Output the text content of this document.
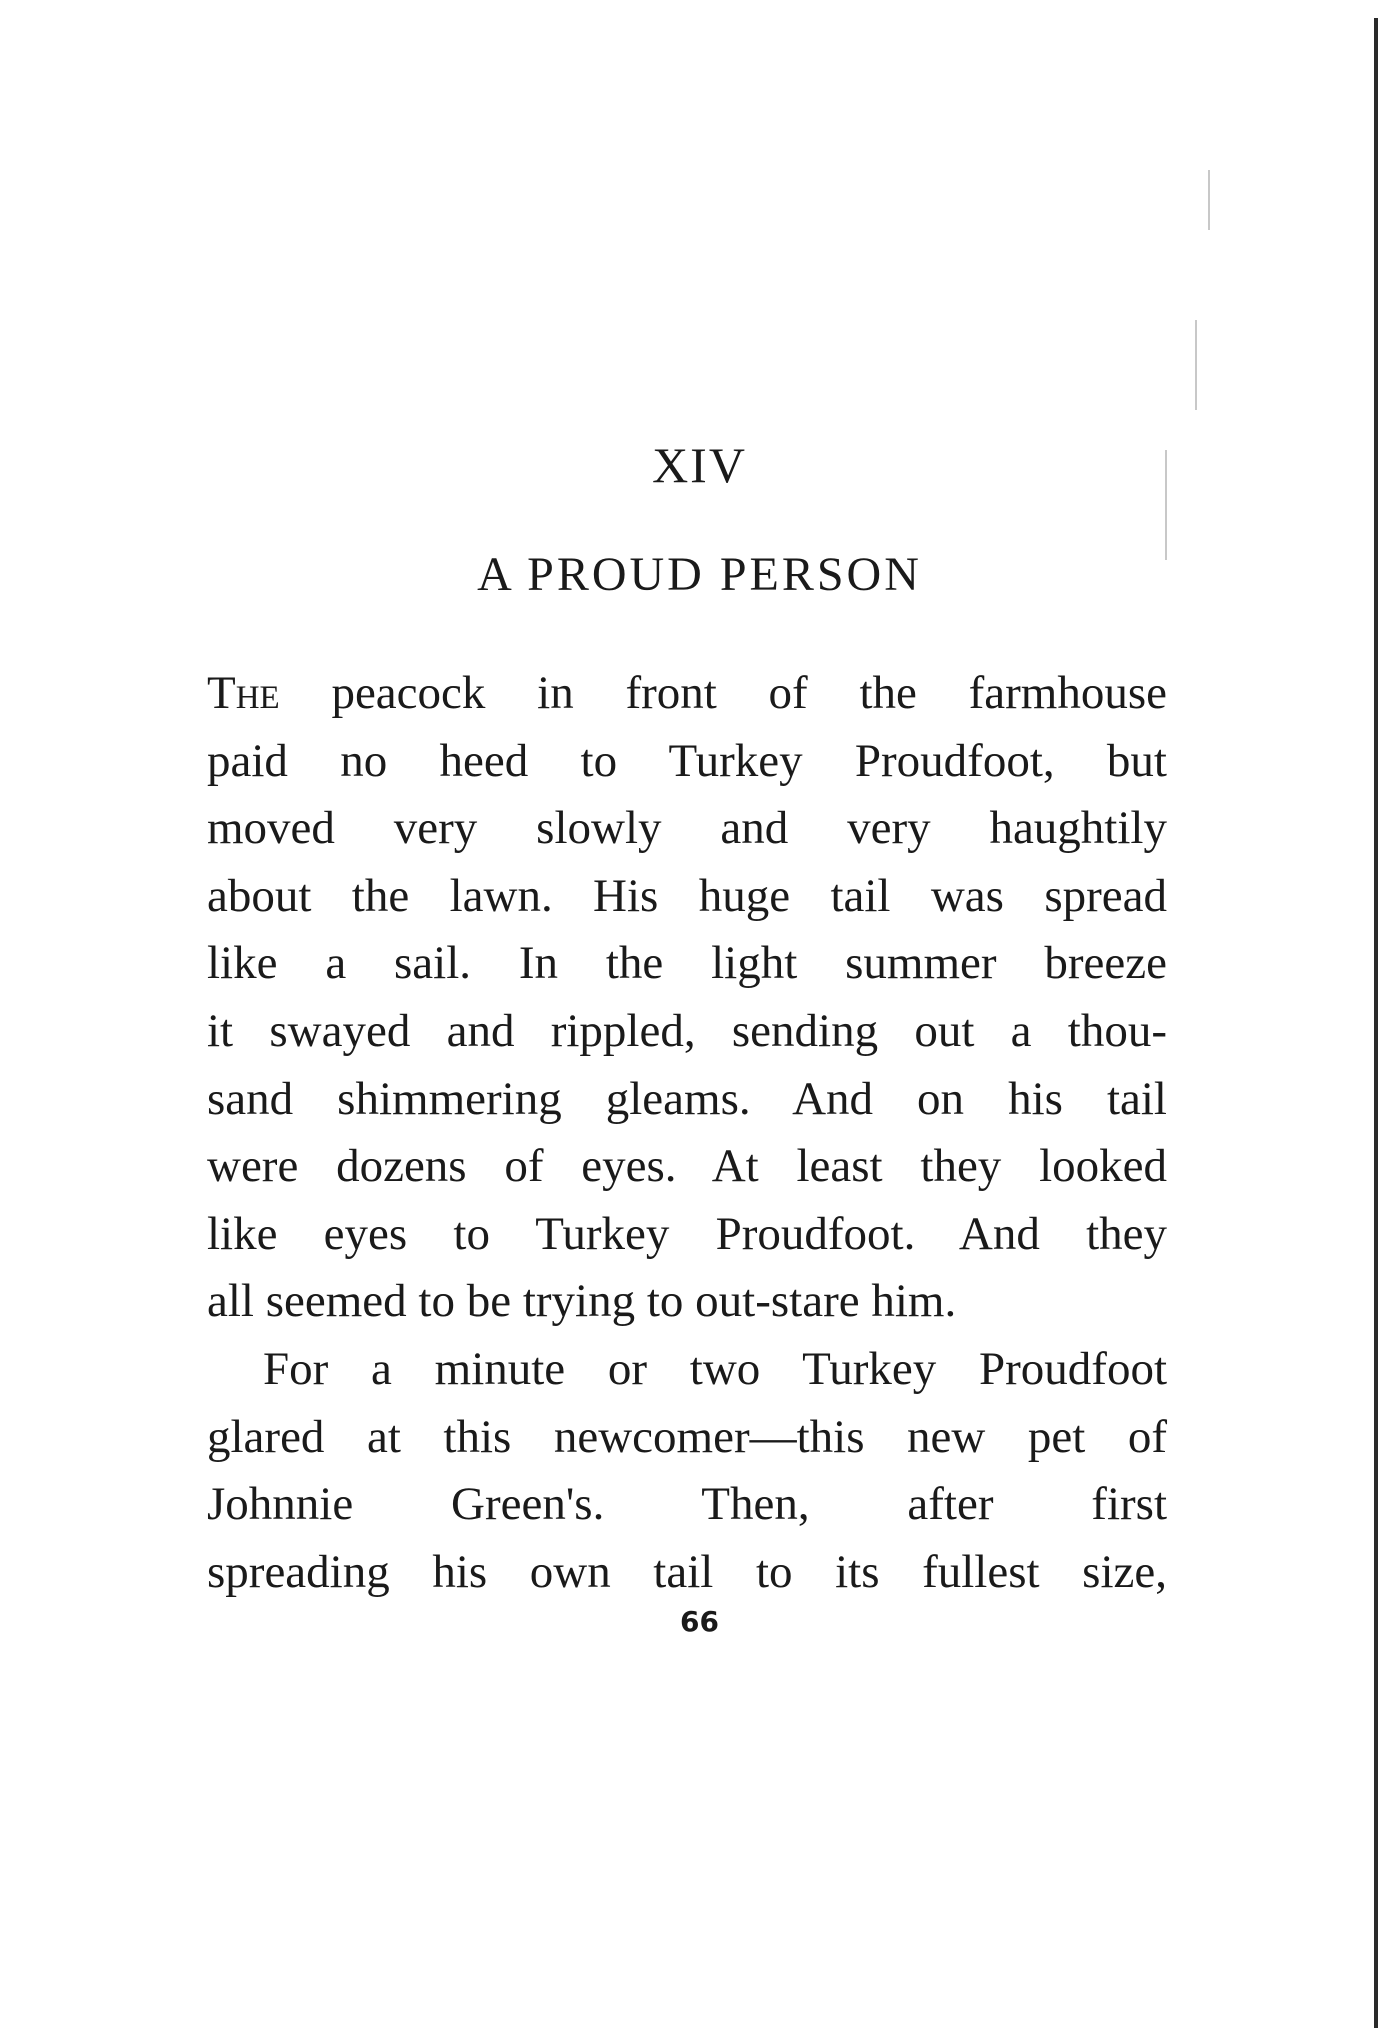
XIV
A PROUD PERSON
The peacock in front of the farmhouse
paid no heed to Turkey Proudfoot, but
moved very slowly and very haughtily
about the lawn. His huge tail was spread
like a sail. In the light summer breeze
it swayed and rippled, sending out a thou-
sand shimmering gleams. And on his tail
were dozens of eyes. At least they looked
like eyes to Turkey Proudfoot. And they
all seemed to be trying to out-stare him.
For a minute or two Turkey Proudfoot
glared at this newcomer—this new pet of
Johnnie Green's. Then, after first
spreading his own tail to its fullest size,
66
